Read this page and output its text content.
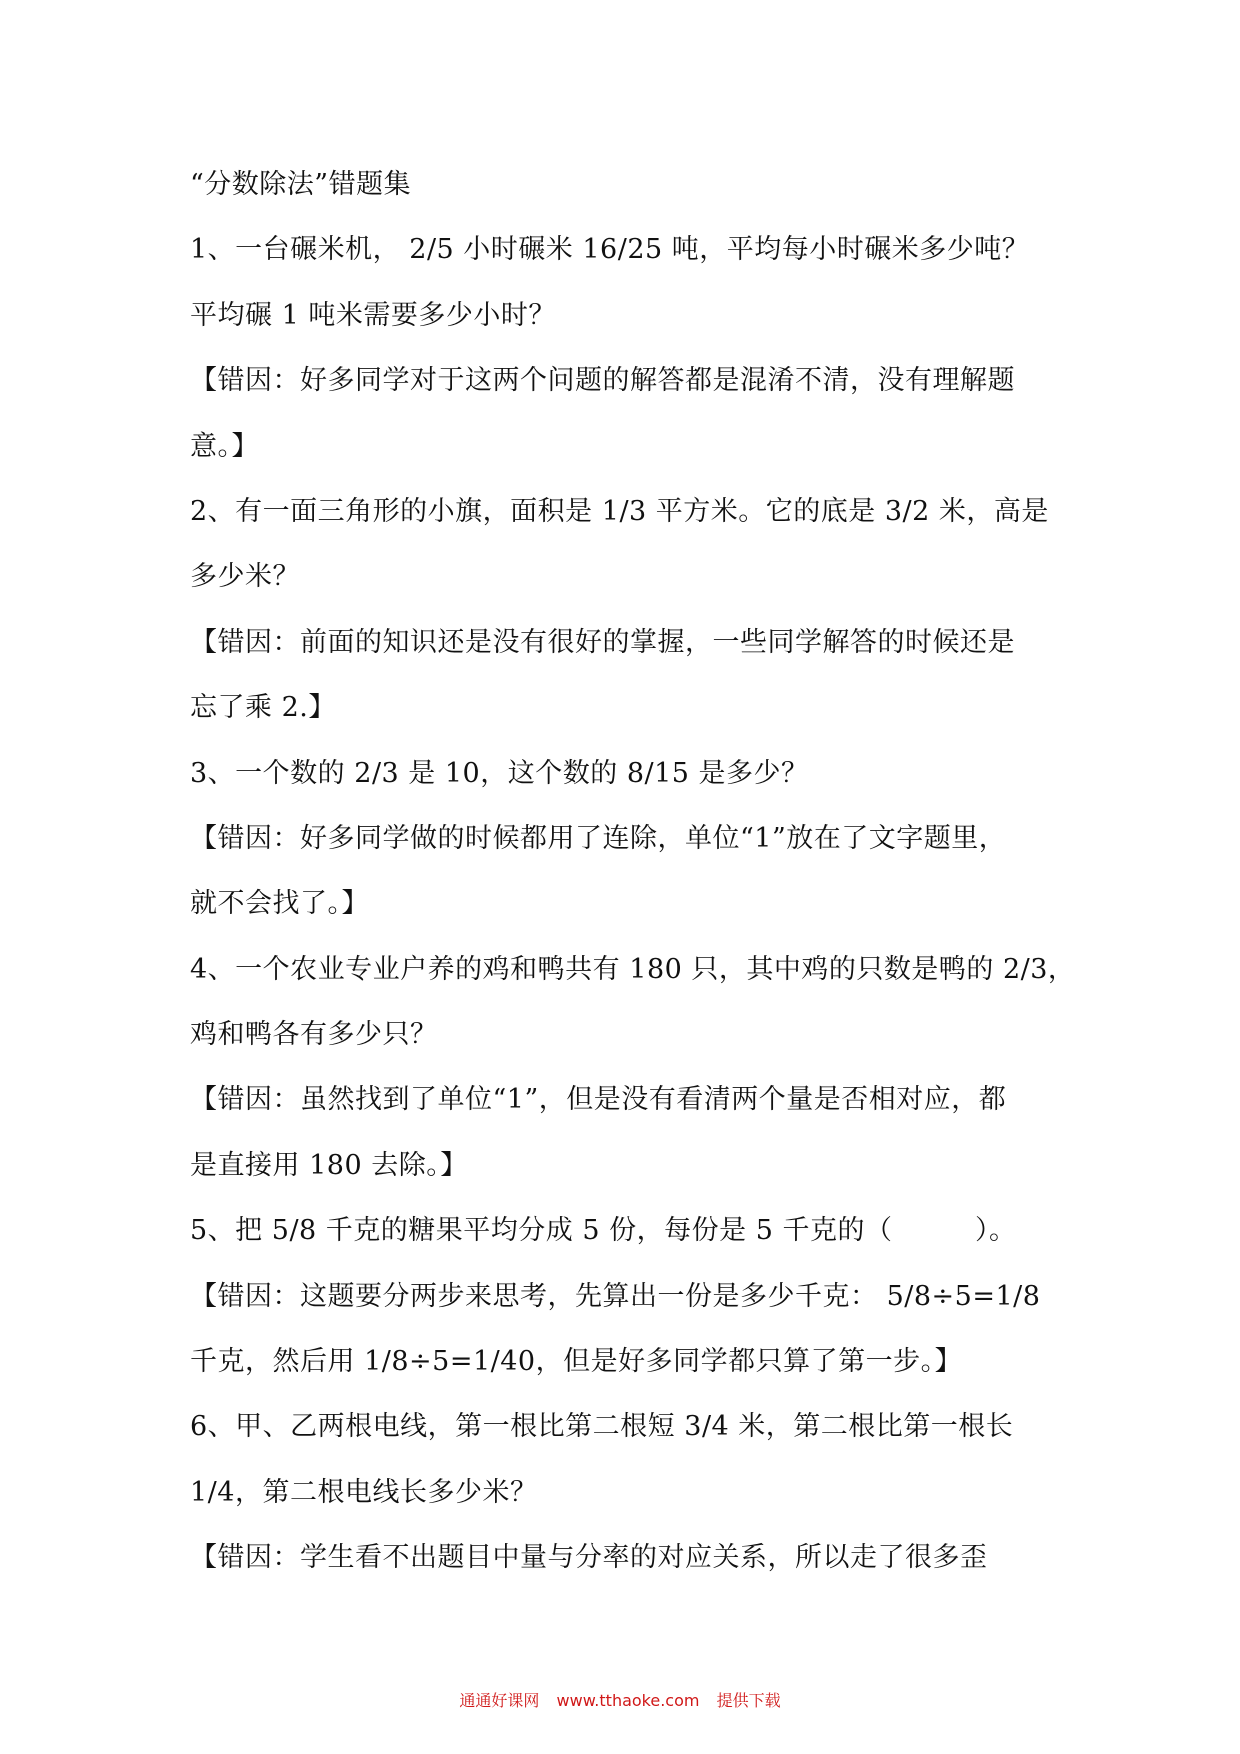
“分数除法”错题集
1、一台碾米机， 2/5 小时碾米 16/25 吨，平均每小时碾米多少吨？
平均碾 1 吨米需要多少小时？
【错因：好多同学对于这两个问题的解答都是混淆不清，没有理解题
意。】
2、有一面三角形的小旗，面积是 1/3 平方米。它的底是 3/2 米，高是
多少米？
【错因：前面的知识还是没有很好的掌握，一些同学解答的时候还是
忘了乘 2.】
3、一个数的 2/3 是 10，这个数的 8/15 是多少？
【错因：好多同学做的时候都用了连除，单位“1”放在了文字题里，
就不会找了。】
4、一个农业专业户养的鸡和鸭共有 180 只，其中鸡的只数是鸭的 2/3，
鸡和鸭各有多少只？
【错因：虽然找到了单位“1”，但是没有看清两个量是否相对应，都
是直接用 180 去除。】
5、把 5/8 千克的糖果平均分成 5 份，每份是 5 千克的（　　　）。
【错因：这题要分两步来思考，先算出一份是多少千克： 5/8÷5=1/8
千克，然后用 1/8÷5=1/40，但是好多同学都只算了第一步。】
6、甲、乙两根电线，第一根比第二根短 3/4 米，第二根比第一根长
1/4，第二根电线长多少米？
【错因：学生看不出题目中量与分率的对应关系，所以走了很多歪
通通好课网 www.tthaoke.com 提供下载
